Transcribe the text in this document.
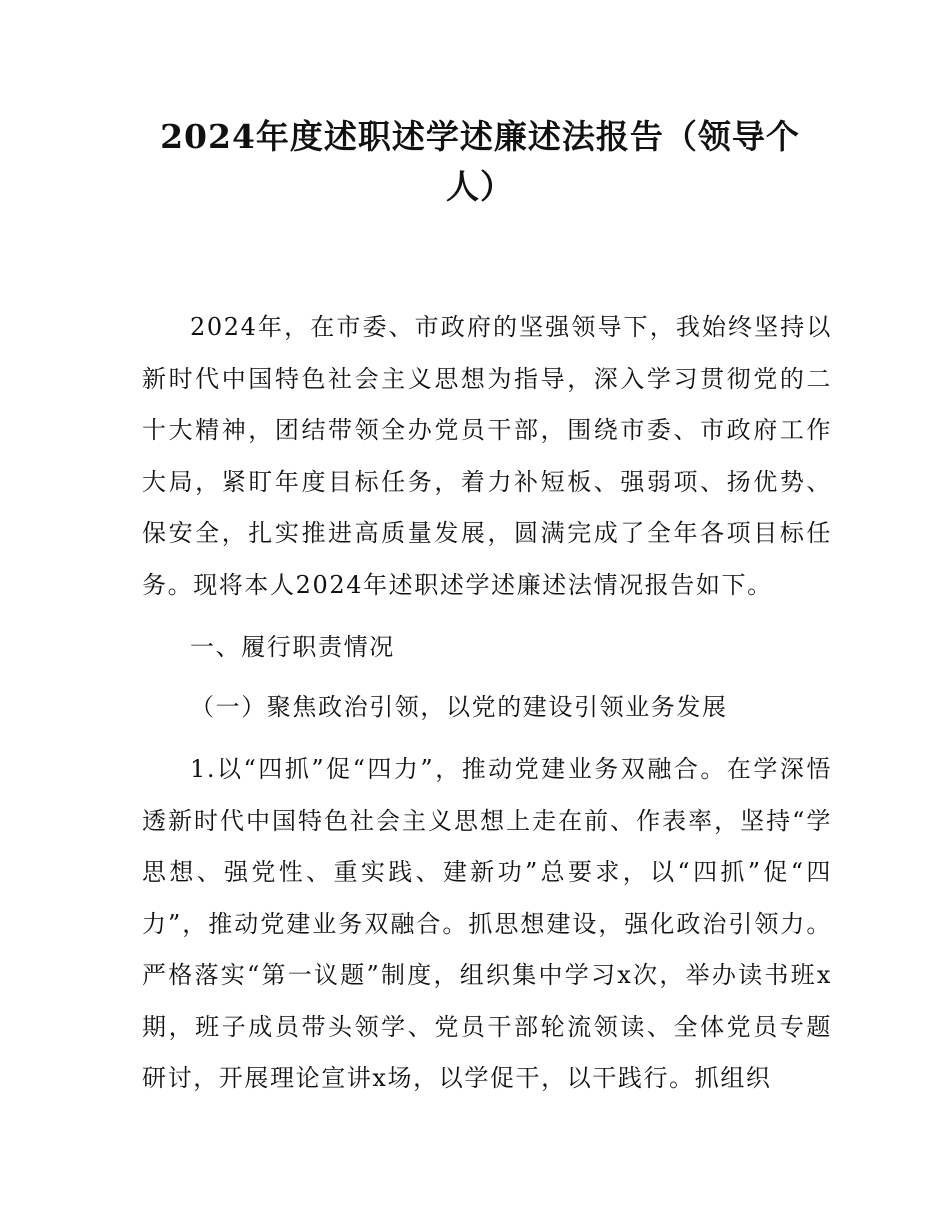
2024年度述职述学述廉述法报告（领导个人）

2024年，在市委、市政府的坚强领导下，我始终坚持以新时代中国特色社会主义思想为指导，深入学习贯彻党的二十大精神，团结带领全办党员干部，围绕市委、市政府工作大局，紧盯年度目标任务，着力补短板、强弱项、扬优势、保安全，扎实推进高质量发展，圆满完成了全年各项目标任务。现将本人2024年述职述学述廉述法情况报告如下。

一、履行职责情况

（一）聚焦政治引领，以党的建设引领业务发展

1.以“四抓”促“四力”，推动党建业务双融合。在学深悟透新时代中国特色社会主义思想上走在前、作表率，坚持“学思想、强党性、重实践、建新功”总要求，以“四抓”促“四力”，推动党建业务双融合。抓思想建设，强化政治引领力。严格落实“第一议题”制度，组织集中学习x次，举办读书班x期，班子成员带头领学、党员干部轮流领读、全体党员专题研讨，开展理论宣讲x场，以学促干，以干践行。抓组织
